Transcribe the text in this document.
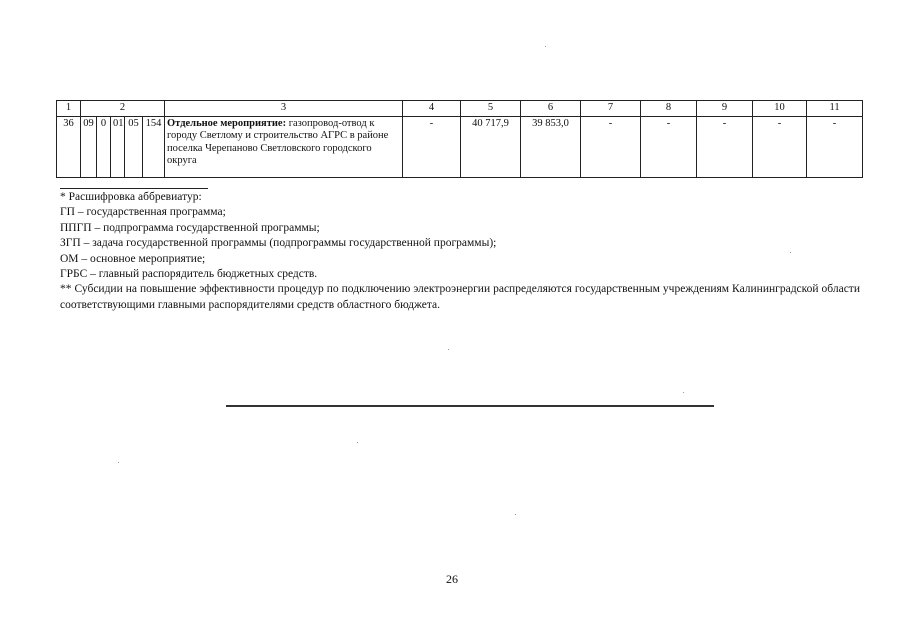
1	2					3	4	5	6	7	8	9	10	11
36	09	0	01	05	154	Отдельное мероприятие: газопровод-отвод к городу Светлому и строительство АГРС в районе поселка Черепаново Светловского городского округа	-	40 717,9	39 853,0	-	-	-	-	-
* Расшифровка аббревиатур:
ГП – государственная программа;
ППГП – подпрограмма государственной программы;
ЗГП – задача государственной программы (подпрограммы государственной программы);
ОМ – основное мероприятие;
ГРБС – главный распорядитель бюджетных средств.
** Субсидии на повышение эффективности процедур по подключению электроэнергии распределяются государственным учреждениям Калининградской области соответствующими главными распорядителями средств областного бюджета.
26
